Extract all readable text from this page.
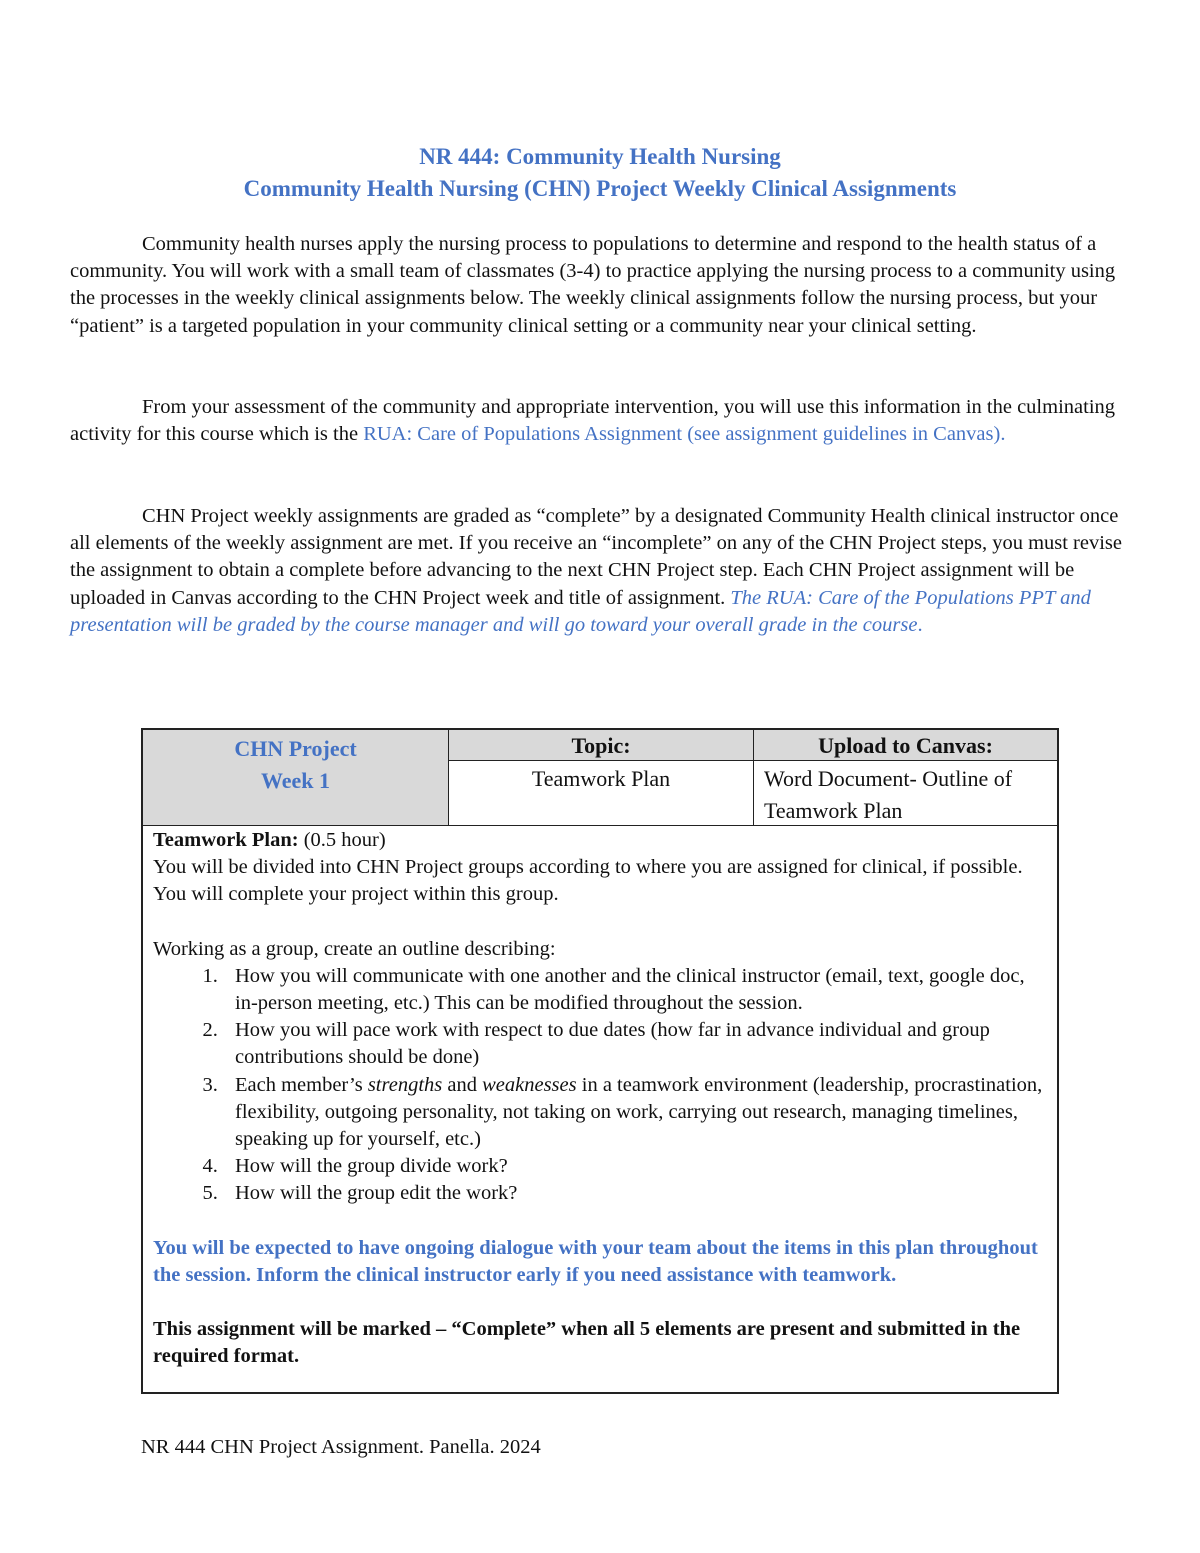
NR 444: Community Health Nursing
Community Health Nursing (CHN) Project Weekly Clinical Assignments

Community health nurses apply the nursing process to populations to determine and respond to the health status of a community. You will work with a small team of classmates (3-4) to practice applying the nursing process to a community using the processes in the weekly clinical assignments below. The weekly clinical assignments follow the nursing process, but your “patient” is a targeted population in your community clinical setting or a community near your clinical setting.

From your assessment of the community and appropriate intervention, you will use this information in the culminating activity for this course which is the RUA: Care of Populations Assignment (see assignment guidelines in Canvas).

CHN Project weekly assignments are graded as “complete” by a designated Community Health clinical instructor once all elements of the weekly assignment are met. If you receive an “incomplete” on any of the CHN Project steps, you must revise the assignment to obtain a complete before advancing to the next CHN Project step. Each CHN Project assignment will be uploaded in Canvas according to the CHN Project week and title of assignment. The RUA: Care of the Populations PPT and presentation will be graded by the course manager and will go toward your overall grade in the course.

CHN Project
Week 1
Topic:	Upload to Canvas:
Teamwork Plan	Word Document- Outline of Teamwork Plan

Teamwork Plan: (0.5 hour)

You will be divided into CHN Project groups according to where you are assigned for clinical, if possible. You will complete your project within this group.

Working as a group, create an outline describing:

1. How you will communicate with one another and the clinical instructor (email, text, google doc, in-person meeting, etc.) This can be modified throughout the session.
2. How you will pace work with respect to due dates (how far in advance individual and group contributions should be done)
3. Each member’s strengths and weaknesses in a teamwork environment (leadership, procrastination, flexibility, outgoing personality, not taking on work, carrying out research, managing timelines, speaking up for yourself, etc.)
4. How will the group divide work?
5. How will the group edit the work?

You will be expected to have ongoing dialogue with your team about the items in this plan throughout the session. Inform the clinical instructor early if you need assistance with teamwork.

This assignment will be marked – “Complete” when all 5 elements are present and submitted in the required format.

NR 444 CHN Project Assignment. Panella. 2024
